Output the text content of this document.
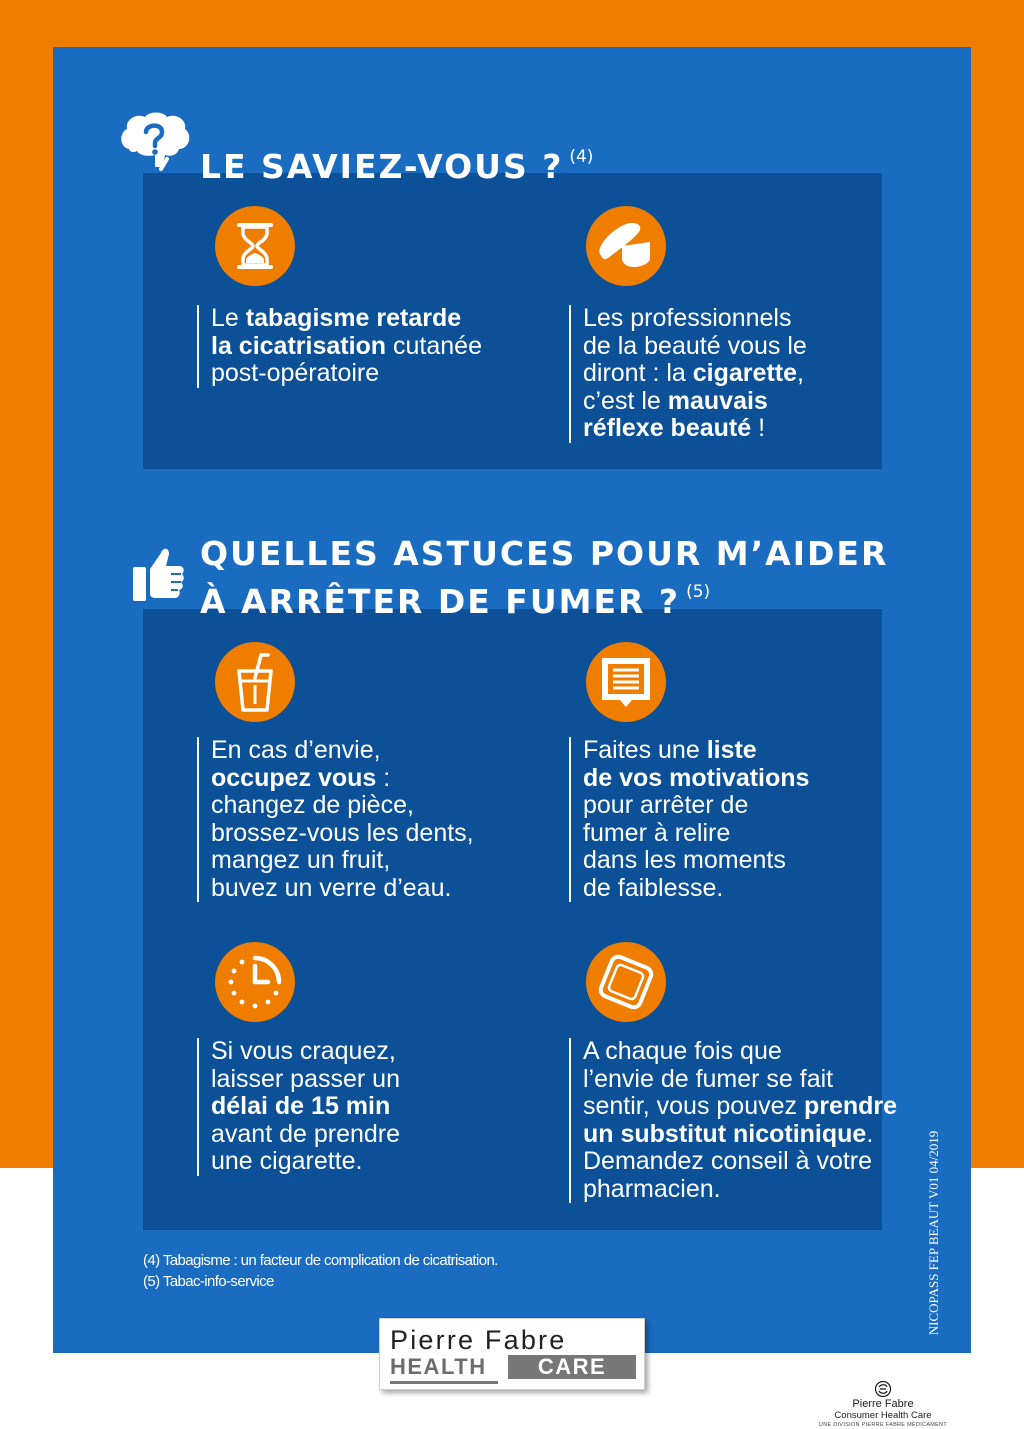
LE SAVIEZ-VOUS ? $^{(4)}$
Le tabagisme retarde
la cicatrisation cutanée
post-opératoire
Les professionnels
de la beauté vous le
diront : la cigarette,
c’est le mauvais
réflexe beauté !
QUELLES ASTUCES POUR M’AIDER
À ARRÊTER DE FUMER ? $^{(5)}$
En cas d’envie,
occupez vous :
changez de pièce,
brossez-vous les dents,
mangez un fruit,
buvez un verre d’eau.
Faites une liste
de vos motivations
pour arrêter de
fumer à relire
dans les moments
de faiblesse.
Si vous craquez,
laisser passer un
délai de 15 min
avant de prendre
une cigarette.
A chaque fois que
l’envie de fumer se fait
sentir, vous pouvez prendre
un substitut nicotinique.
Demandez conseil à votre
pharmacien.
(4) Tabagisme : un facteur de complication de cicatrisation.
(5) Tabac-info-service	NICOPASS FEP BEAUT V01 04/2019
Pierre Fabre
HEALTH	CARE
Pierre Fabre
Consumer Health Care
UNE DIVISION PIERRE FABRE MÉDICAMENT
